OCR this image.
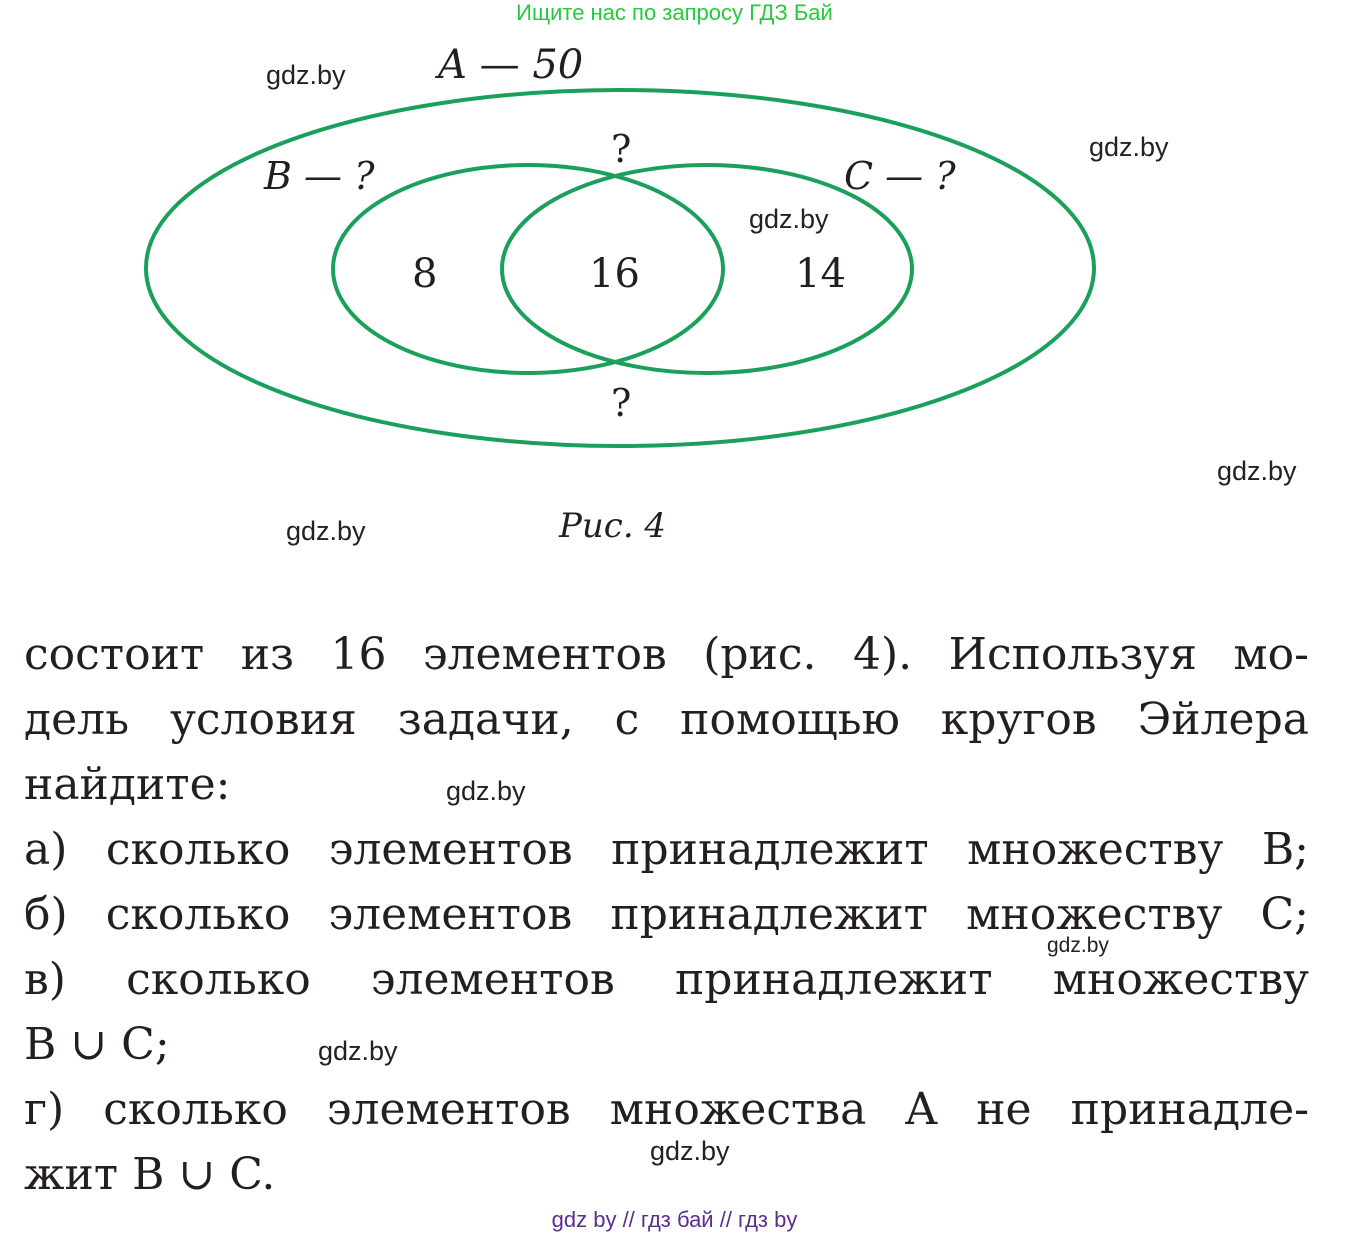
Ищите нас по запросу ГДЗ Бай
A — 50
B — ?	C — ?
?
?
8	16	14
Рис. 4
состоит из 16 элементов (рис. 4). Используя мо-
дель условия задачи, с помощью кругов Эйлера
найдите:
а) сколько элементов принадлежит множеству B;
б) сколько элементов принадлежит множеству C;
в) сколько элементов принадлежит множеству
B ∪ C;
г) сколько элементов множества A не принадле-
жит B ∪ C.
gdz.by
gdz.by
gdz.by
gdz.by
gdz.by
gdz.by
gdz.by
gdz.by
gdz.by
gdz by // гдз бай // гдз by
